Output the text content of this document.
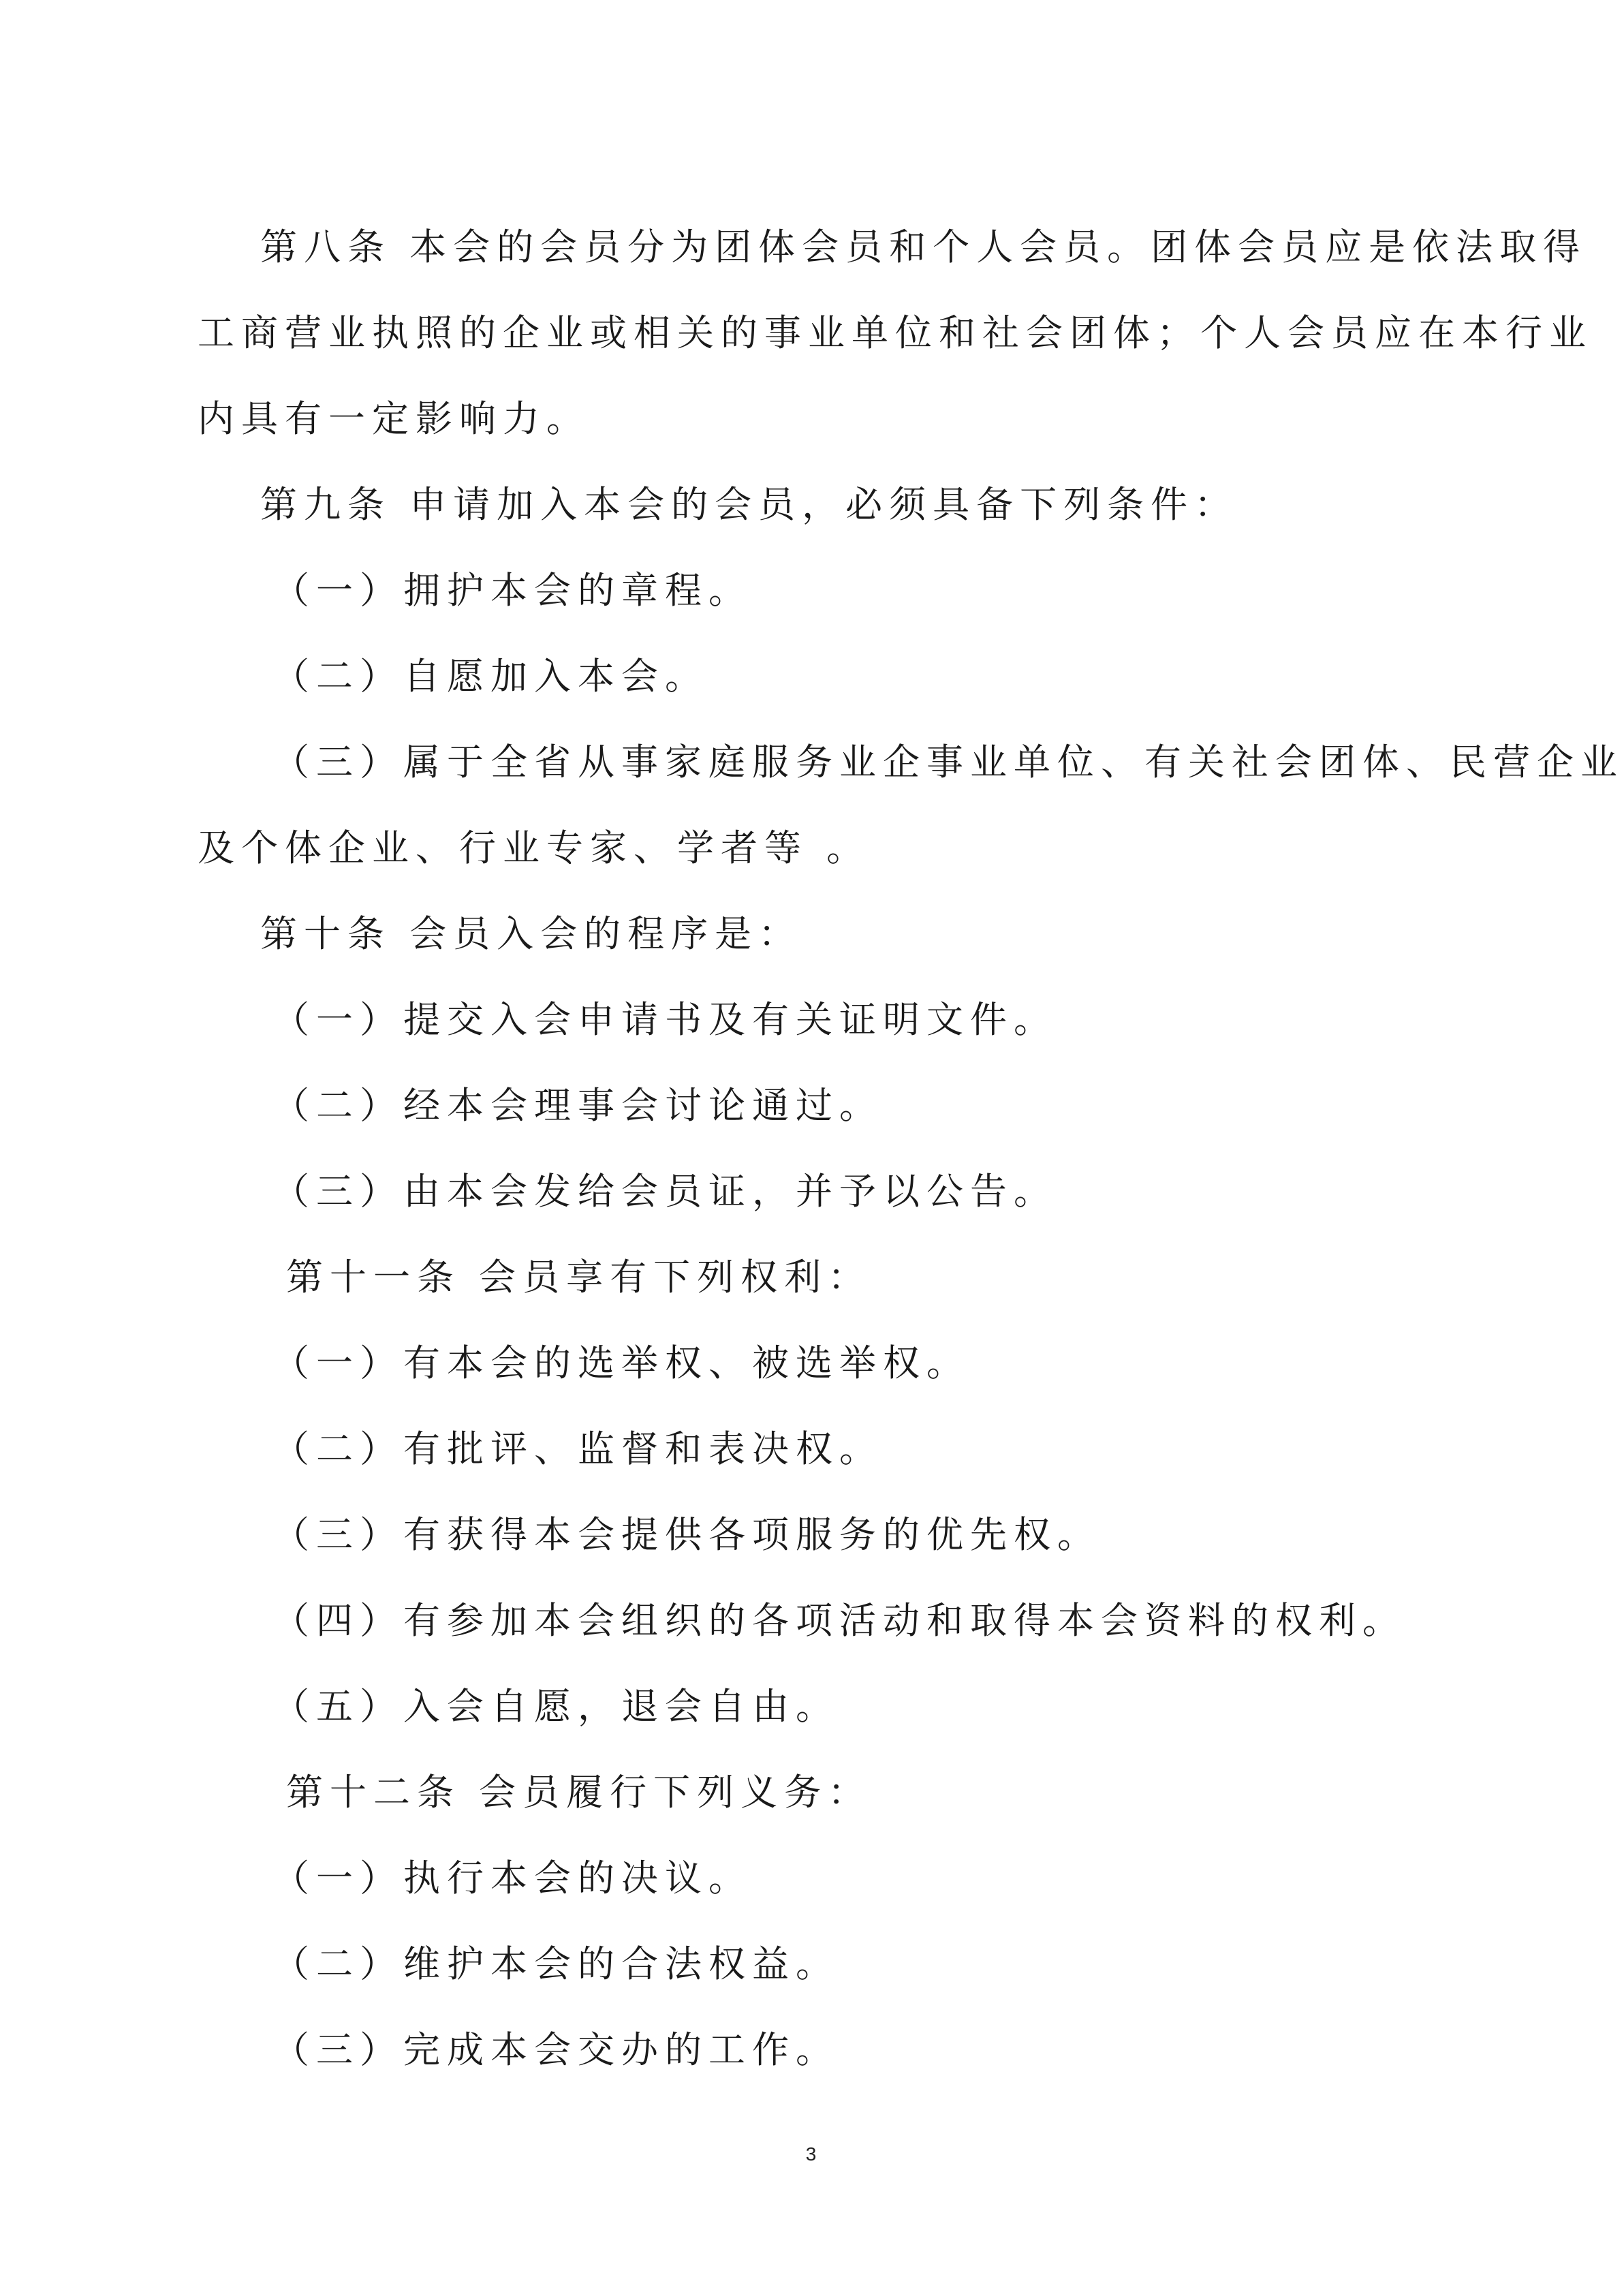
第八条 本会的会员分为团体会员和个人会员。团体会员应是依法取得
工商营业执照的企业或相关的事业单位和社会团体；个人会员应在本行业
内具有一定影响力。
第九条 申请加入本会的会员，必须具备下列条件：
（一）拥护本会的章程。
（二）自愿加入本会。
（三）属于全省从事家庭服务业企事业单位、有关社会团体、民营企业
及个体企业、行业专家、学者等 。
第十条 会员入会的程序是：
（一）提交入会申请书及有关证明文件。
（二）经本会理事会讨论通过。
（三）由本会发给会员证，并予以公告。
第十一条 会员享有下列权利：
（一）有本会的选举权、被选举权。
（二）有批评、监督和表决权。
（三）有获得本会提供各项服务的优先权。
（四）有参加本会组织的各项活动和取得本会资料的权利。
（五）入会自愿，退会自由。
第十二条 会员履行下列义务：
（一）执行本会的决议。
（二）维护本会的合法权益。
（三）完成本会交办的工作。
3
